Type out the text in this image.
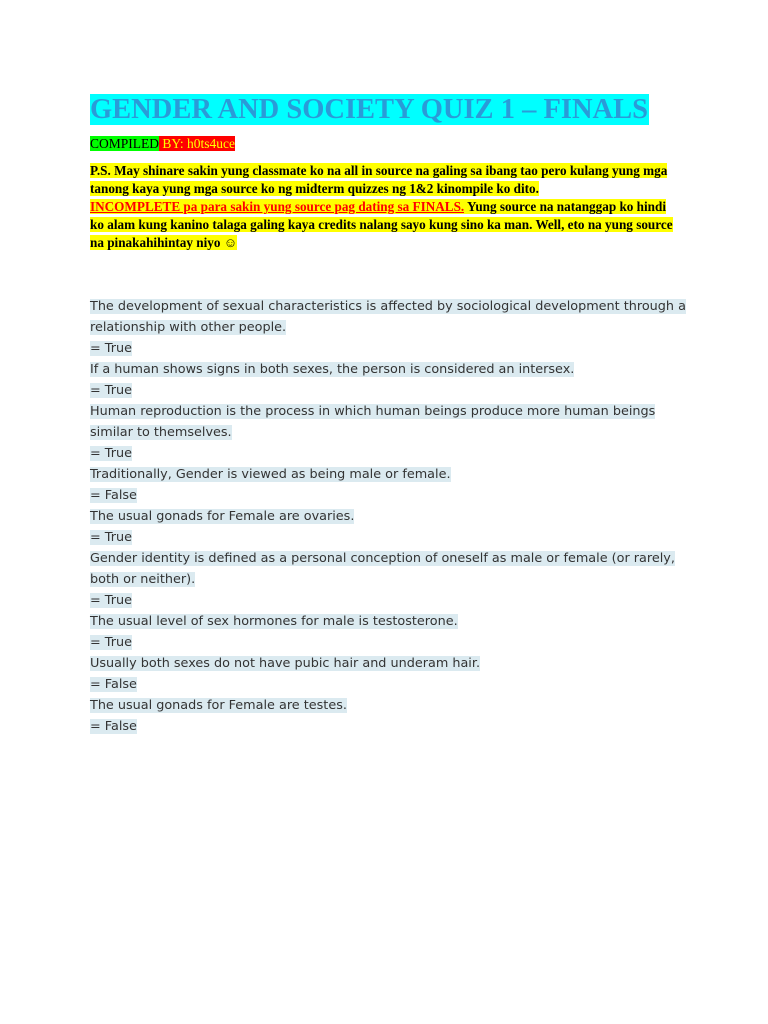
GENDER AND SOCIETY QUIZ 1 – FINALS
COMPILED BY: h0ts4uce
P.S. May shinare sakin yung classmate ko na all in source na galing sa ibang tao pero kulang yung mga tanong kaya yung mga source ko ng midterm quizzes ng 1&2 kinompile ko dito.
INCOMPLETE pa para sakin yung source pag dating sa FINALS. Yung source na natanggap ko hindi ko alam kung kanino talaga galing kaya credits nalang sayo kung sino ka man. Well, eto na yung source na pinakahihintay niyo ☺

The development of sexual characteristics is affected by sociological development through a relationship with other people.

= True

If a human shows signs in both sexes, the person is considered an intersex.

= True

Human reproduction is the process in which human beings produce more human beings similar to themselves.

= True

Traditionally, Gender is viewed as being male or female.

= False

The usual gonads for Female are ovaries.

= True

Gender identity is defined as a personal conception of oneself as male or female (or rarely, both or neither).

= True

The usual level of sex hormones for male is testosterone.

= True

Usually both sexes do not have pubic hair and underam hair.

= False

The usual gonads for Female are testes.

= False
